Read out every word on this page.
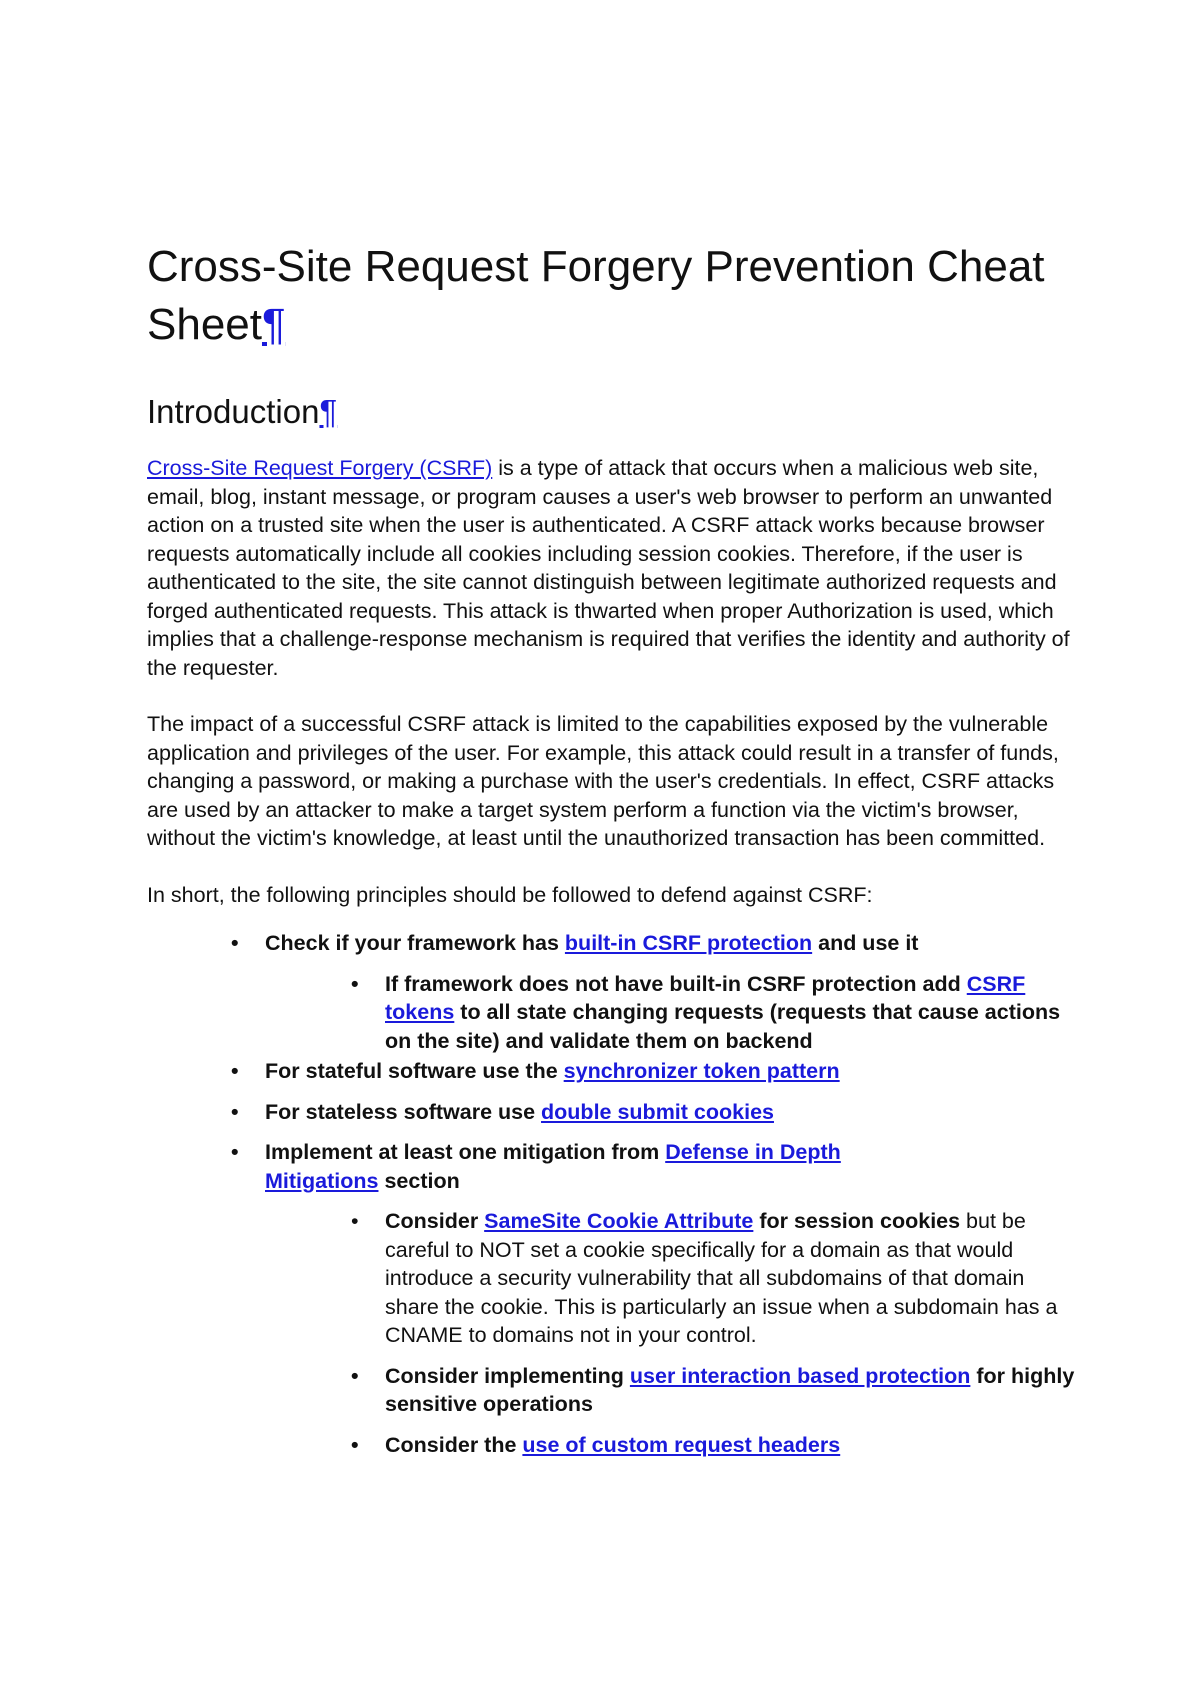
Cross-Site Request Forgery Prevention Cheat Sheet¶
Introduction¶

Cross-Site Request Forgery (CSRF) is a type of attack that occurs when a malicious web site, email, blog, instant message, or program causes a user's web browser to perform an unwanted action on a trusted site when the user is authenticated. A CSRF attack works because browser requests automatically include all cookies including session cookies. Therefore, if the user is authenticated to the site, the site cannot distinguish between legitimate authorized requests and forged authenticated requests. This attack is thwarted when proper Authorization is used, which implies that a challenge-response mechanism is required that verifies the identity and authority of the requester.

The impact of a successful CSRF attack is limited to the capabilities exposed by the vulnerable application and privileges of the user. For example, this attack could result in a transfer of funds, changing a password, or making a purchase with the user's credentials. In effect, CSRF attacks are used by an attacker to make a target system perform a function via the victim's browser, without the victim's knowledge, at least until the unauthorized transaction has been committed.

In short, the following principles should be followed to defend against CSRF:

• Check if your framework has built-in CSRF protection and use it
• If framework does not have built-in CSRF protection add CSRF tokens to all state changing requests (requests that cause actions on the site) and validate them on backend
• For stateful software use the synchronizer token pattern
• For stateless software use double submit cookies
• Implement at least one mitigation from Defense in Depth Mitigations section
• Consider SameSite Cookie Attribute for session cookies but be careful to NOT set a cookie specifically for a domain as that would introduce a security vulnerability that all subdomains of that domain share the cookie. This is particularly an issue when a subdomain has a CNAME to domains not in your control.
• Consider implementing user interaction based protection for highly sensitive operations
• Consider the use of custom request headers
